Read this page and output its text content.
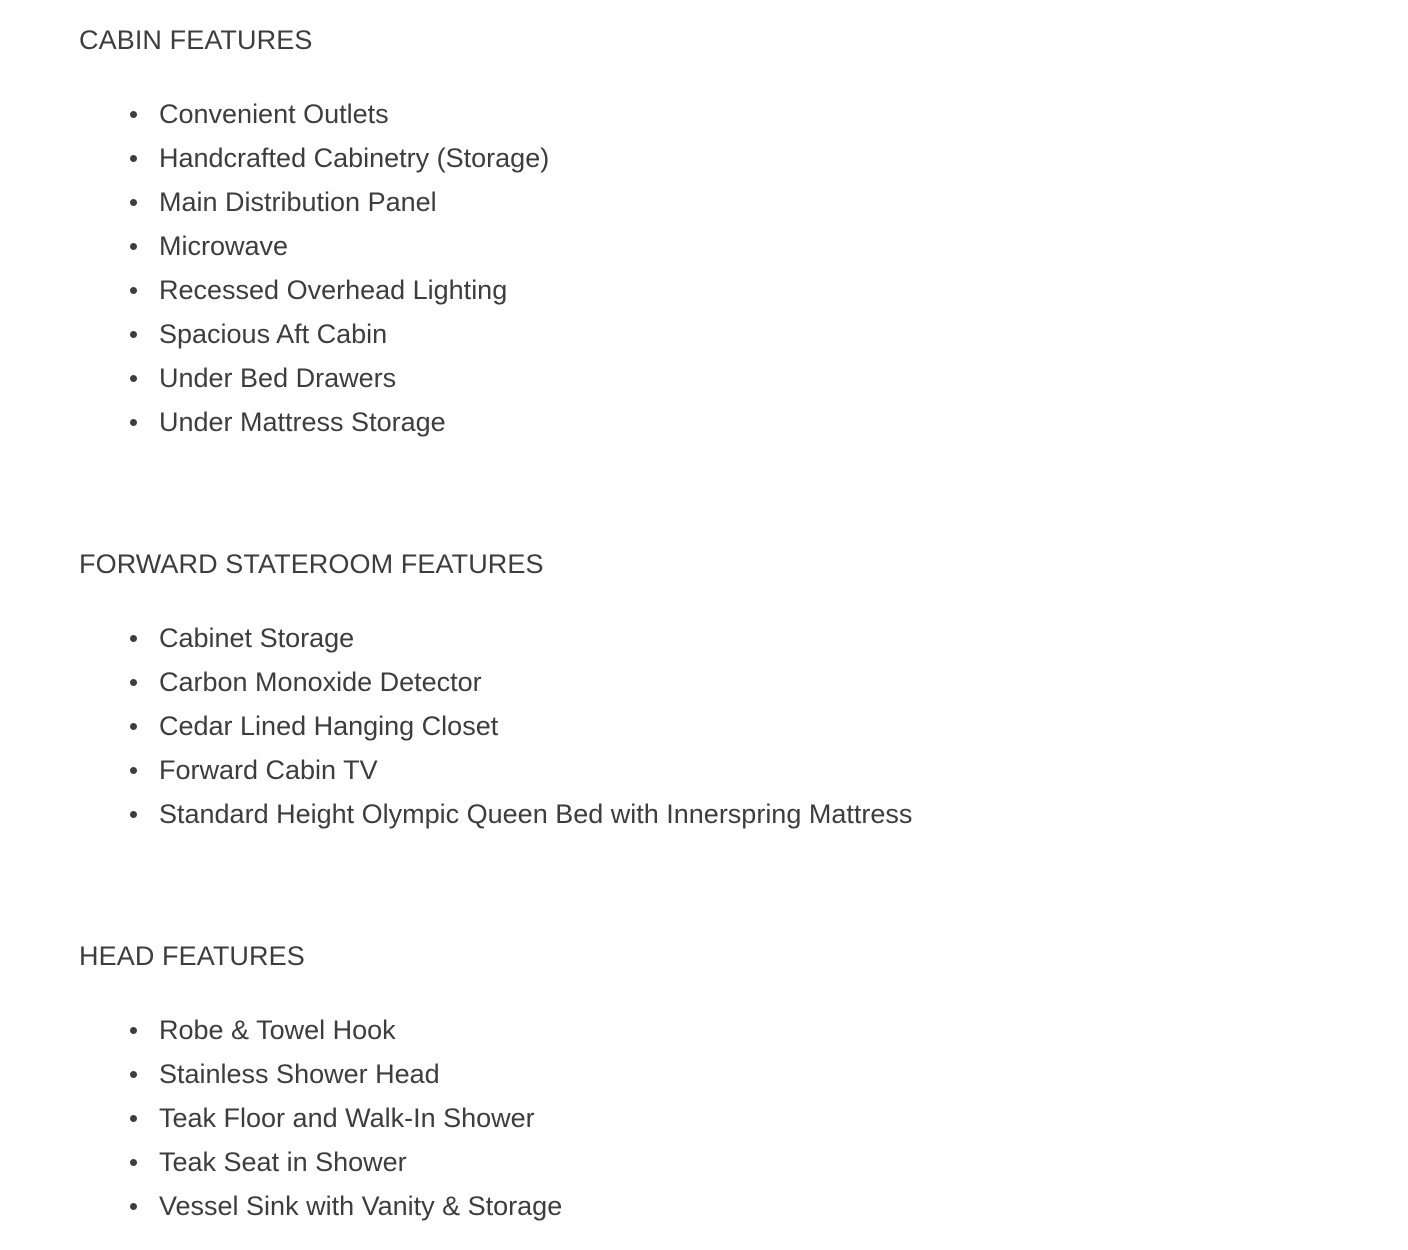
CABIN FEATURES
Convenient Outlets
Handcrafted Cabinetry (Storage)
Main Distribution Panel
Microwave
Recessed Overhead Lighting
Spacious Aft Cabin
Under Bed Drawers
Under Mattress Storage
FORWARD STATEROOM FEATURES
Cabinet Storage
Carbon Monoxide Detector
Cedar Lined Hanging Closet
Forward Cabin TV
Standard Height Olympic Queen Bed with Innerspring Mattress
HEAD FEATURES
Robe & Towel Hook
Stainless Shower Head
Teak Floor and Walk-In Shower
Teak Seat in Shower
Vessel Sink with Vanity & Storage
